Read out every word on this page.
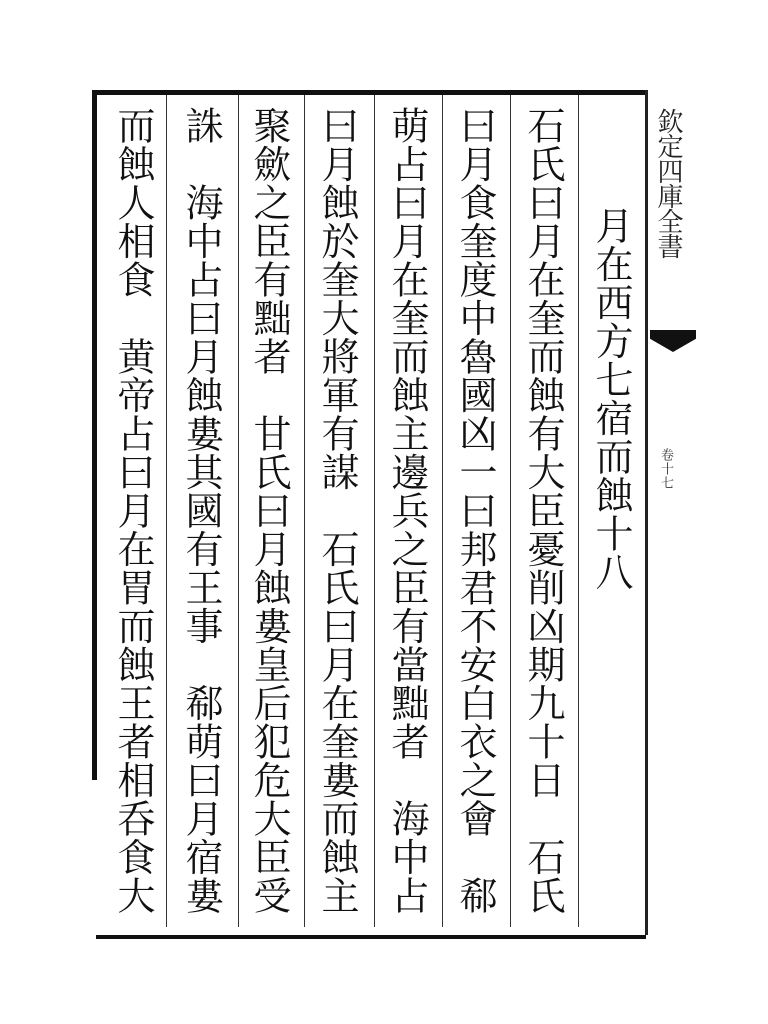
欽定四庫全書
卷十七
月在西方七宿而蝕十八
石氏曰月在奎而蝕有大臣憂削凶期九十日　石氏
曰月食奎度中魯國凶一曰邦君不安白衣之會　郗
萌占曰月在奎而蝕主邊兵之臣有當黜者　海中占
曰月蝕於奎大將軍有謀　石氏曰月在奎婁而蝕主
聚歛之臣有黜者　甘氏曰月蝕婁皇后犯危大臣受
誅　海中占曰月蝕婁其國有王事　郗萌曰月宿婁
而蝕人相食　黄帝占曰月在胃而蝕王者相呑食大
